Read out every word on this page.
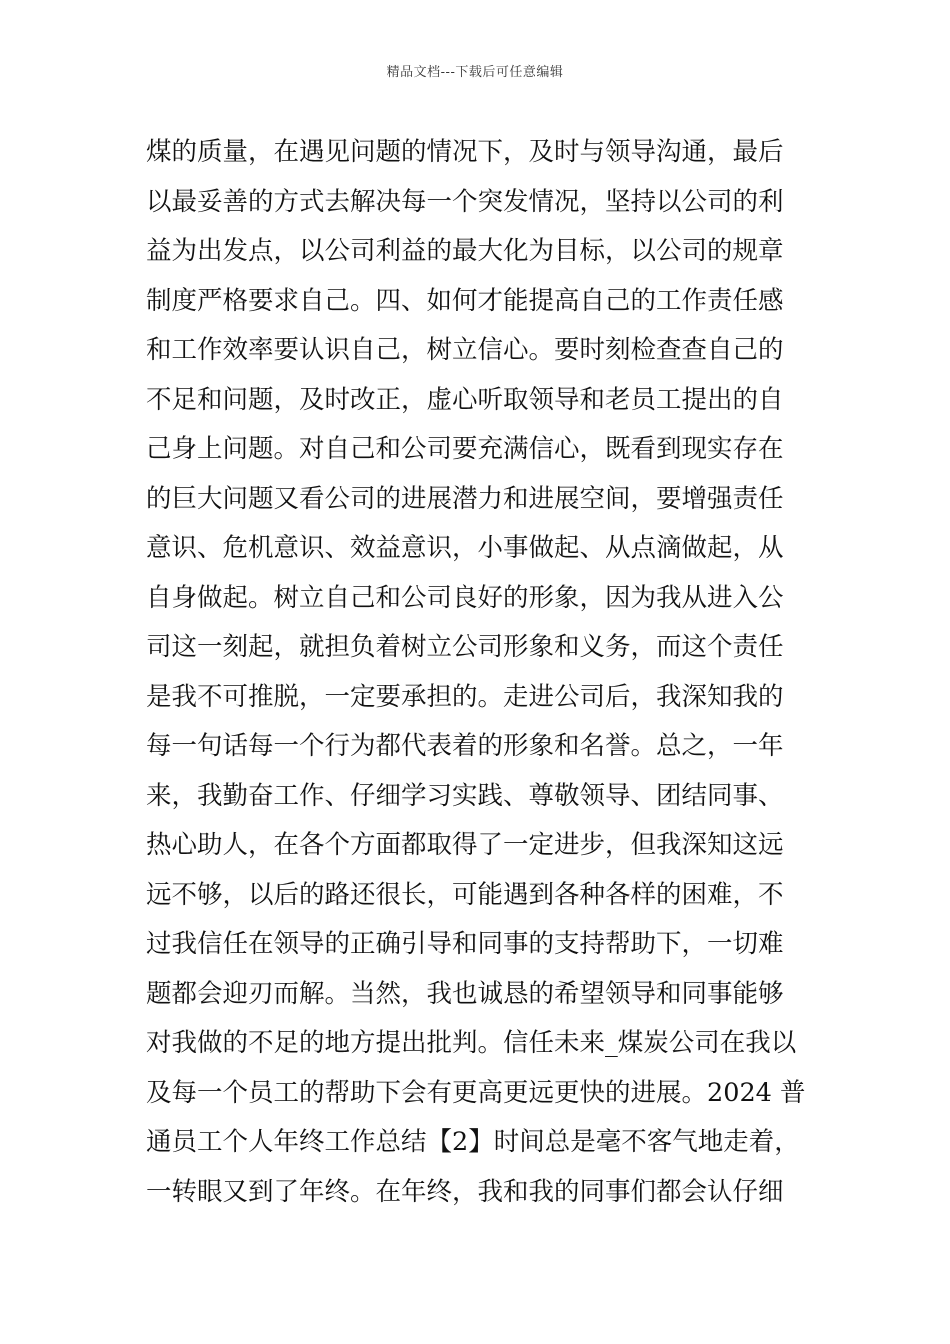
精品文档---下载后可任意编辑
煤的质量，在遇见问题的情况下，及时与领导沟通，最后
以最妥善的方式去解决每一个突发情况，坚持以公司的利
益为出发点，以公司利益的最大化为目标，以公司的规章
制度严格要求自己。四、如何才能提高自己的工作责任感
和工作效率要认识自己，树立信心。要时刻检查查自己的
不足和问题，及时改正，虚心听取领导和老员工提出的自
己身上问题。对自己和公司要充满信心，既看到现实存在
的巨大问题又看公司的进展潜力和进展空间，要增强责任
意识、危机意识、效益意识，小事做起、从点滴做起，从
自身做起。树立自己和公司良好的形象，因为我从进入公
司这一刻起，就担负着树立公司形象和义务，而这个责任
是我不可推脱，一定要承担的。走进公司后，我深知我的
每一句话每一个行为都代表着的形象和名誉。总之，一年
来，我勤奋工作、仔细学习实践、尊敬领导、团结同事、
热心助人，在各个方面都取得了一定进步，但我深知这远
远不够，以后的路还很长，可能遇到各种各样的困难，不
过我信任在领导的正确引导和同事的支持帮助下，一切难
题都会迎刃而解。当然，我也诚恳的希望领导和同事能够
对我做的不足的地方提出批判。信任未来_煤炭公司在我以
及每一个员工的帮助下会有更高更远更快的进展。2024 普
通员工个人年终工作总结【2】时间总是毫不客气地走着，
一转眼又到了年终。在年终，我和我的同事们都会认仔细
